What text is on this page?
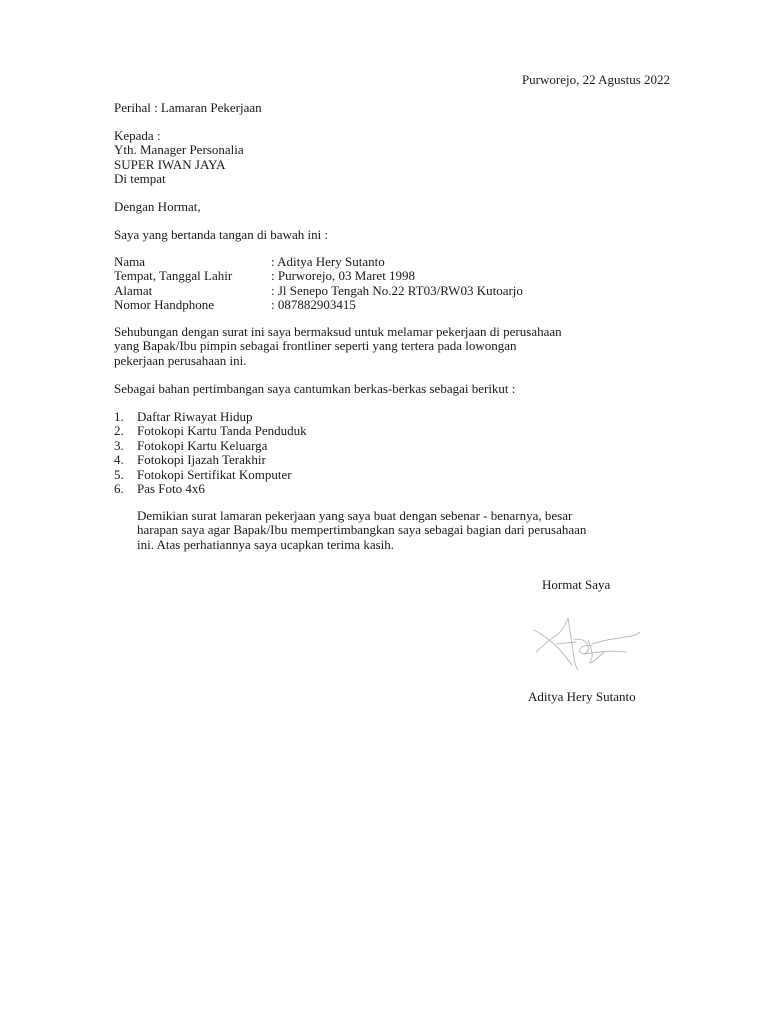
Purworejo, 22 Agustus 2022
Perihal : Lamaran Pekerjaan
Kepada :
Yth. Manager Personalia
SUPER IWAN JAYA
Di tempat
Dengan Hormat,
Saya yang bertanda tangan di bawah ini :
Nama	: Aditya Hery Sutanto
Tempat, Tanggal Lahir	: Purworejo, 03 Maret 1998
Alamat	: Jl Senepo Tengah No.22 RT03/RW03 Kutoarjo
Nomor Handphone	: 087882903415
Sehubungan dengan surat ini saya bermaksud untuk melamar pekerjaan di perusahaan
yang Bapak/Ibu pimpin sebagai frontliner seperti yang tertera pada lowongan
pekerjaan perusahaan ini.
Sebagai bahan pertimbangan saya cantumkan berkas-berkas sebagai berikut :
1.	Daftar Riwayat Hidup
2.	Fotokopi Kartu Tanda Penduduk
3.	Fotokopi Kartu Keluarga
4.	Fotokopi Ijazah Terakhir
5.	Fotokopi Sertifikat Komputer
6.	Pas Foto 4x6
Demikian surat lamaran pekerjaan yang saya buat dengan sebenar - benarnya, besar
harapan saya agar Bapak/Ibu mempertimbangkan saya sebagai bagian dari perusahaan
ini. Atas perhatiannya saya ucapkan terima kasih.
Hormat Saya
Aditya Hery Sutanto
